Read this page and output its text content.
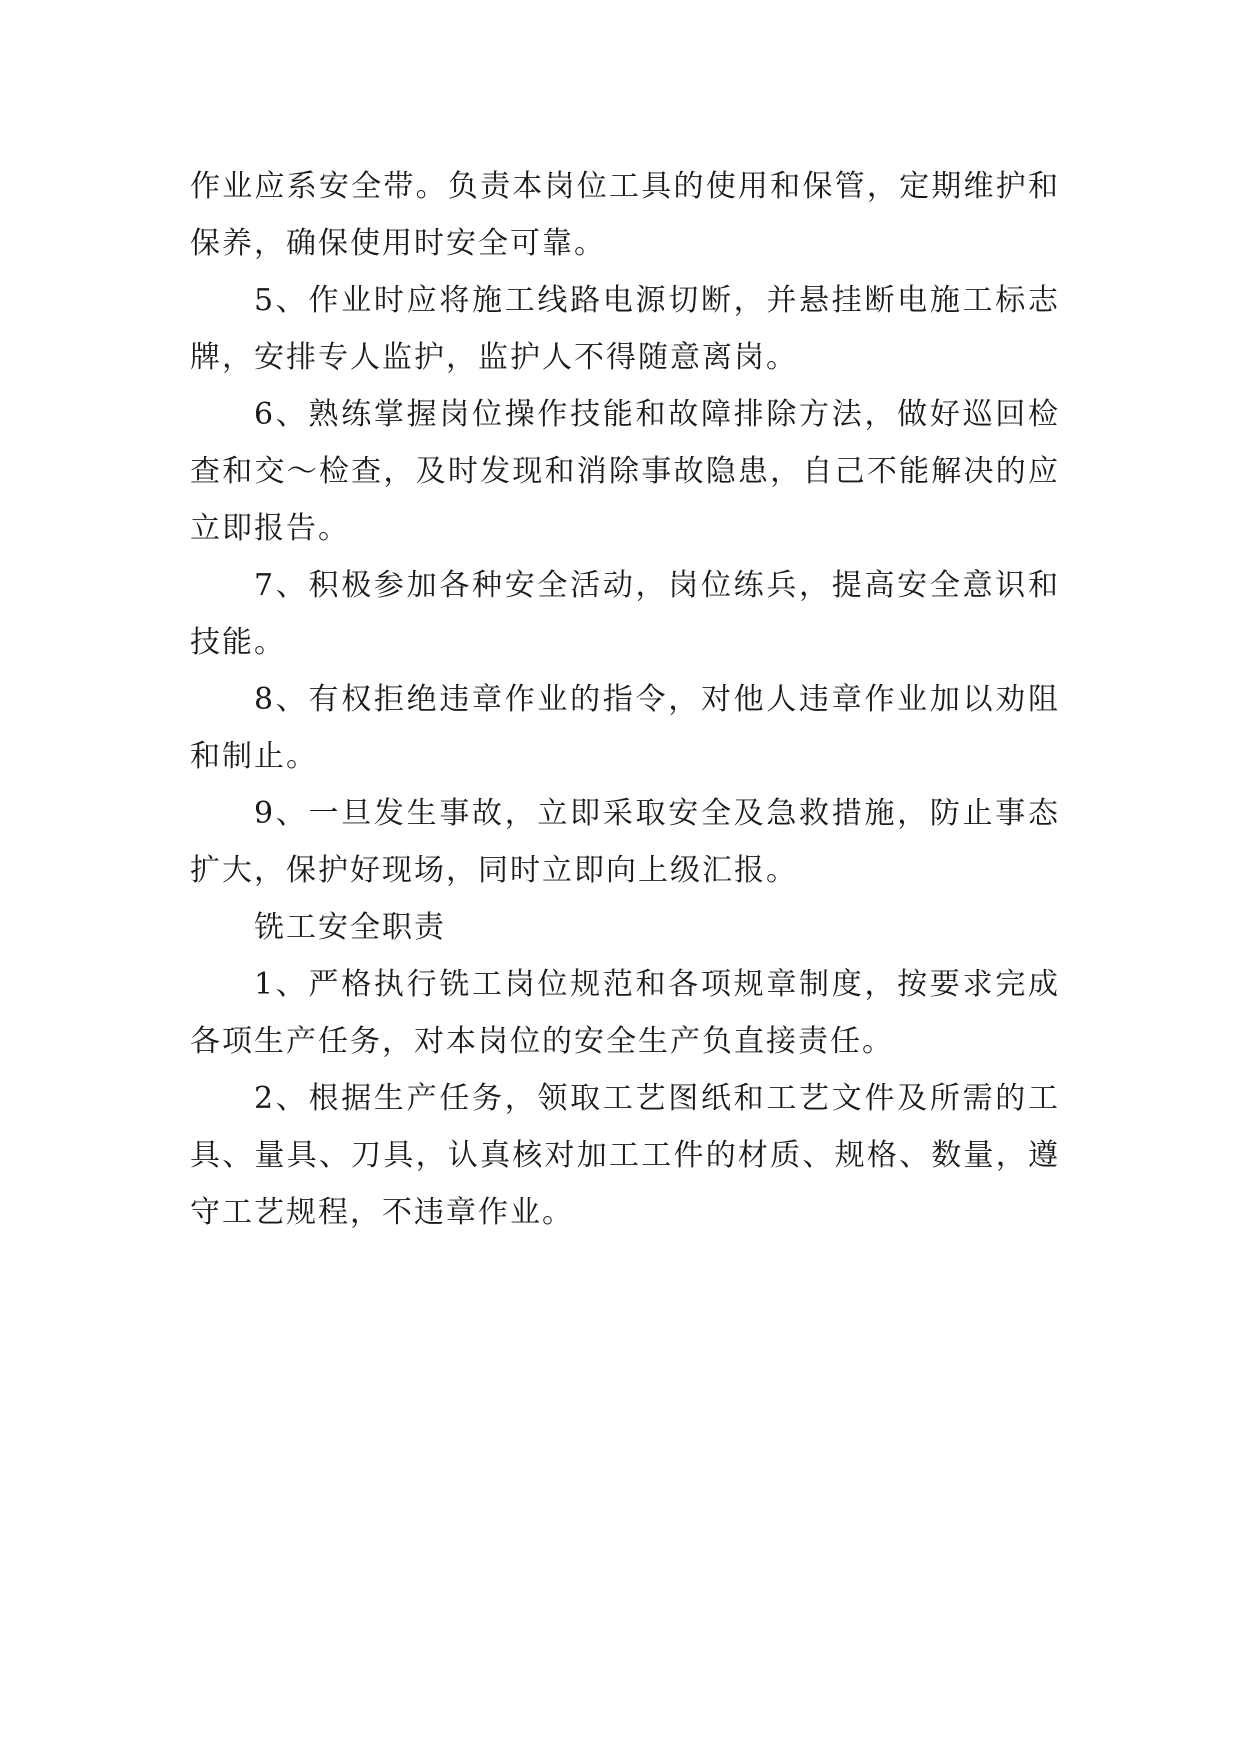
作业应系安全带。负责本岗位工具的使用和保管，定期维护和保养，确保使用时安全可靠。

5、作业时应将施工线路电源切断，并悬挂断电施工标志牌，安排专人监护，监护人不得随意离岗。

6、熟练掌握岗位操作技能和故障排除方法，做好巡回检查和交～检查，及时发现和消除事故隐患，自己不能解决的应立即报告。

7、积极参加各种安全活动，岗位练兵，提高安全意识和技能。

8、有权拒绝违章作业的指令，对他人违章作业加以劝阻和制止。

9、一旦发生事故，立即采取安全及急救措施，防止事态扩大，保护好现场，同时立即向上级汇报。

铣工安全职责

1、严格执行铣工岗位规范和各项规章制度，按要求完成各项生产任务，对本岗位的安全生产负直接责任。

2、根据生产任务，领取工艺图纸和工艺文件及所需的工具、量具、刀具，认真核对加工工件的材质、规格、数量，遵守工艺规程，不违章作业。
